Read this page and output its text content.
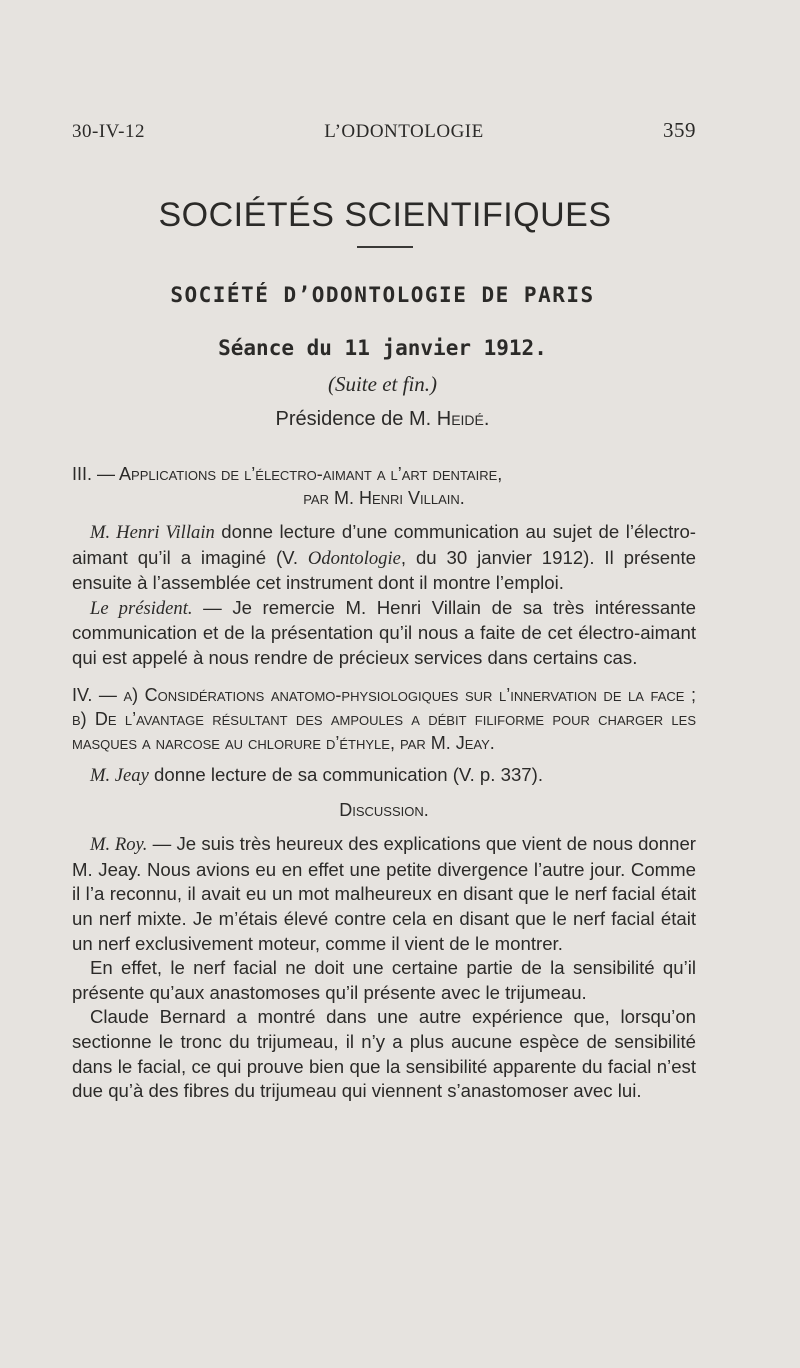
30-IV-12	L’ODONTOLOGIE	359
SOCIÉTÉS SCIENTIFIQUES
SOCIÉTÉ D’ODONTOLOGIE DE PARIS
Séance du 11 janvier 1912.
(Suite et fin.)
Présidence de M. Heidé.

III. — Applications de l’électro-aimant a l’art dentaire,
par M. Henri Villain.

M. Henri Villain donne lecture d’une communication au sujet de l’électro-aimant qu’il a imaginé (V. Odontologie, du 30 janvier 1912). Il présente ensuite à l’assemblée cet instrument dont il montre l’emploi.

Le président. — Je remercie M. Henri Villain de sa très intéressante communication et de la présentation qu’il nous a faite de cet électro-aimant qui est appelé à nous rendre de précieux services dans certains cas.

IV. — a) Considérations anatomo-physiologiques sur l’innervation de la face ; b) De l’avantage résultant des ampoules a débit filiforme pour charger les masques a narcose au chlorure d’éthyle, par M. Jeay.

M. Jeay donne lecture de sa communication (V. p. 337).

Discussion.

M. Roy. — Je suis très heureux des explications que vient de nous donner M. Jeay. Nous avions eu en effet une petite divergence l’autre jour. Comme il l’a reconnu, il avait eu un mot malheureux en disant que le nerf facial était un nerf mixte. Je m’étais élevé contre cela en disant que le nerf facial était un nerf exclusivement moteur, comme il vient de le montrer.

En effet, le nerf facial ne doit une certaine partie de la sensibilité qu’il présente qu’aux anastomoses qu’il présente avec le trijumeau.

Claude Bernard a montré dans une autre expérience que, lorsqu’on sectionne le tronc du trijumeau, il n’y a plus aucune espèce de sensibilité dans le facial, ce qui prouve bien que la sensibilité apparente du facial n’est due qu’à des fibres du trijumeau qui viennent s’anastomoser avec lui.
